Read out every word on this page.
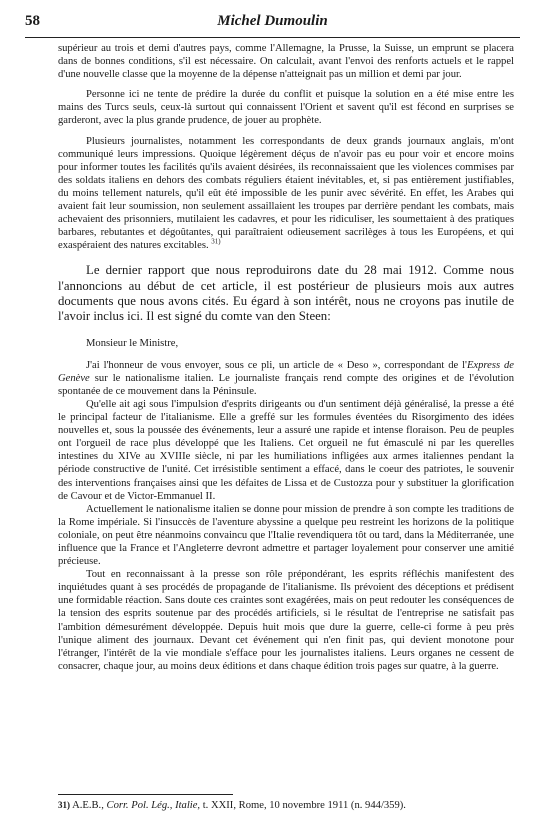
58	Michel Dumoulin

supérieur au trois et demi d'autres pays, comme l'Allemagne, la Prusse, la Suisse, un emprunt se placera dans de bonnes conditions, s'il est nécessaire. On calculait, avant l'envoi des renforts actuels et le rappel d'une nouvelle classe que la moyenne de la dépense n'atteignait pas un million et demi par jour.

Personne ici ne tente de prédire la durée du conflit et puisque la solution en a été mise entre les mains des Turcs seuls, ceux-là surtout qui connaissent l'Orient et savent qu'il est fécond en surprises se garderont, avec la plus grande prudence, de jouer au prophète.

Plusieurs journalistes, notamment les correspondants de deux grands journaux anglais, m'ont communiqué leurs impressions. Quoique légèrement déçus de n'avoir pas eu pour voir et encore moins pour informer toutes les facilités qu'ils avaient désirées, ils reconnaissaient que les violences commises par des soldats italiens en dehors des combats réguliers étaient inévitables, et, si pas entièrement justifiables, du moins tellement naturels, qu'il eût été impossible de les punir avec sévérité. En effet, les Arabes qui avaient fait leur soumission, non seulement assaillaient les troupes par derrière pendant les combats, mais achevaient des prisonniers, mutilaient les cadavres, et pour les ridiculiser, les soumettaient à des pratiques barbares, rebutantes et dégoûtantes, qui paraîtraient odieusement sacrilèges à tous les Européens, et qui exaspéraient des natures excitables. $^{31)}$

Le dernier rapport que nous reproduirons date du 28 mai 1912. Comme nous l'annoncions au début de cet article, il est postérieur de plusieurs mois aux autres documents que nous avons cités. Eu égard à son intérêt, nous ne croyons pas inutile de l'avoir inclus ici. Il est signé du comte van den Steen:

Monsieur le Ministre,

J'ai l'honneur de vous envoyer, sous ce pli, un article de « Deso », correspondant de l'Express de Genève sur le nationalisme italien. Le journaliste français rend compte des origines et de l'évolution spontanée de ce mouvement dans la Péninsule.

Qu'elle ait agi sous l'impulsion d'esprits dirigeants ou d'un sentiment déjà généralisé, la presse a été le principal facteur de l'italianisme. Elle a greffé sur les formules éventées du Risorgimento des idées nouvelles et, sous la poussée des événements, leur a assuré une rapide et intense floraison. Peu de peuples ont l'orgueil de race plus développé que les Italiens. Cet orgueil ne fut émasculé ni par les querelles intestines du XIVe au XVIIIe siècle, ni par les humiliations infligées aux armes italiennes pendant la période constructive de l'unité. Cet irrésistible sentiment a effacé, dans le coeur des patriotes, le souvenir des interventions françaises ainsi que les défaites de Lissa et de Custozza pour y substituer la glorification de Cavour et de Victor-Emmanuel II.

Actuellement le nationalisme italien se donne pour mission de prendre à son compte les traditions de la Rome impériale. Si l'insuccès de l'aventure abyssine a quelque peu restreint les horizons de la politique coloniale, on peut être néanmoins convaincu que l'Italie revendiquera tôt ou tard, dans la Méditerranée, une influence que la France et l'Angleterre devront admettre et partager loyalement pour conserver une amitié précieuse.

Tout en reconnaissant à la presse son rôle prépondérant, les esprits réfléchis manifestent des inquiétudes quant à ses procédés de propagande de l'italianisme. Ils prévoient des déceptions et prédisent une formidable réaction. Sans doute ces craintes sont exagérées, mais on peut redouter les conséquences de la tension des esprits soutenue par des procédés artificiels, si le résultat de l'entreprise ne satisfait pas l'ambition démesurément développée. Depuis huit mois que dure la guerre, celle-ci forme à peu près l'unique aliment des journaux. Devant cet événement qui n'en finit pas, qui devient monotone pour l'étranger, l'intérêt de la vie mondiale s'efface pour les journalistes italiens. Leurs organes ne cessent de consacrer, chaque jour, au moins deux éditions et dans chaque édition trois pages sur quatre, à la guerre.

31) A.E.B., Corr. Pol. Lég., Italie, t. XXII, Rome, 10 novembre 1911 (n. 944/359).
